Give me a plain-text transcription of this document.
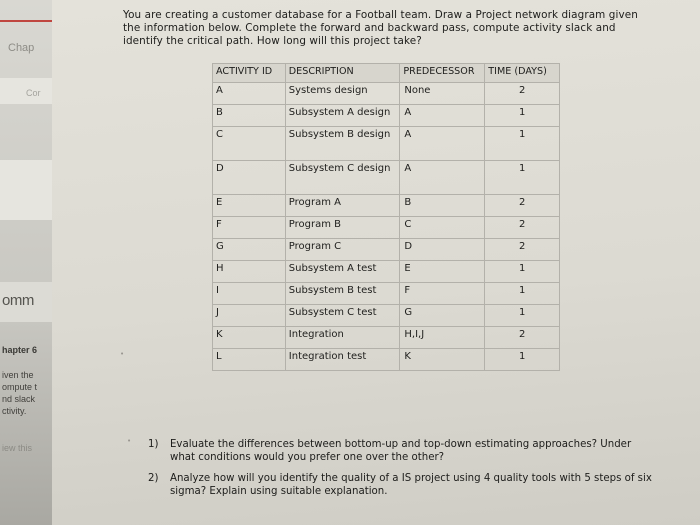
Chap
Cor
omm
hapter 6
iven the
ompute t
nd slack
ctivity.
iew this
You are creating a customer database for a Football team. Draw a Project network diagram given the information below. Complete the forward and backward pass, compute activity slack and identify the critical path. How long will this project take?
ACTIVITY ID	DESCRIPTION	PREDECESSOR	TIME (DAYS)
A	Systems design	None	2
B	Subsystem A design	A	1
C	Subsystem B design	A	1
D	Subsystem C design	A	1
E	Program A	B	2
F	Program B	C	2
G	Program C	D	2
H	Subsystem A test	E	1
I	Subsystem B test	F	1
J	Subsystem C test	G	1
K	Integration	H,I,J	2
L	Integration test	K	1
•
• 1)	Evaluate the differences between bottom-up and top-down estimating approaches? Under what conditions would you prefer one over the other?
2)	Analyze how will you identify the quality of a IS project using 4 quality tools with 5 steps of six sigma? Explain using suitable explanation.
